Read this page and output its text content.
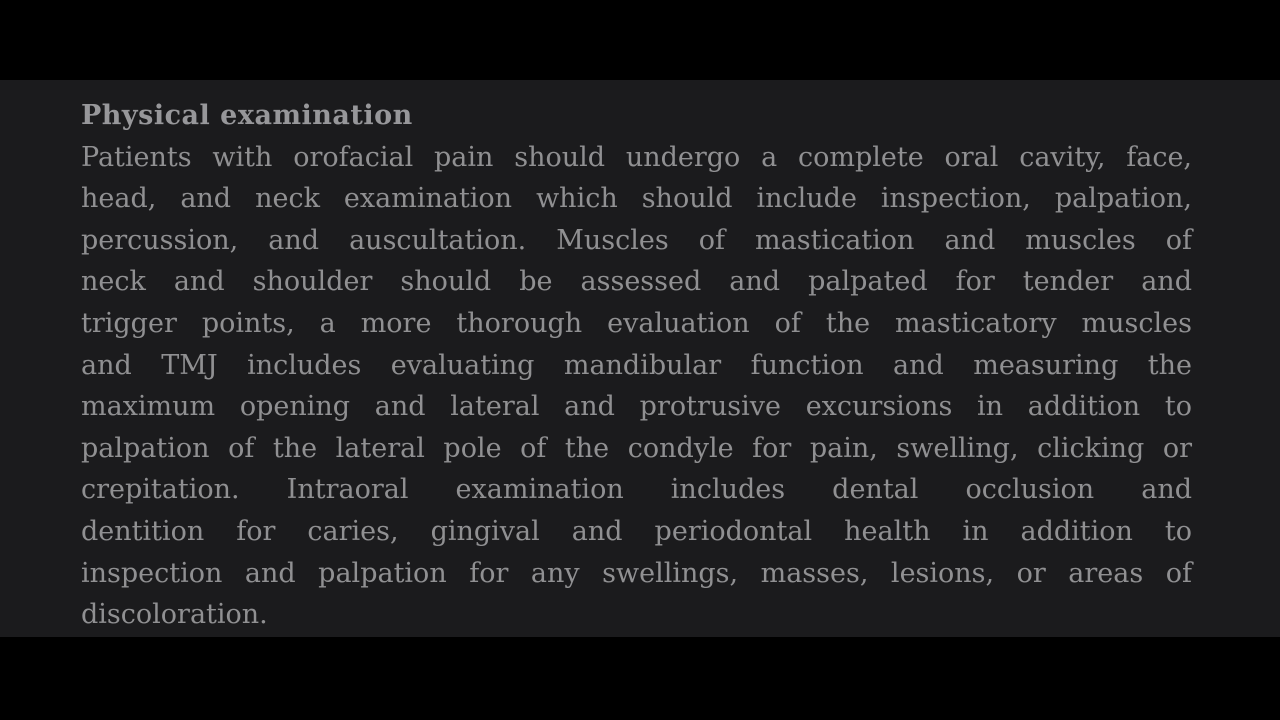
Physical examination
Patients with orofacial pain should undergo a complete oral cavity, face,
head, and neck examination which should include inspection, palpation,
percussion, and auscultation. Muscles of mastication and muscles of
neck and shoulder should be assessed and palpated for tender and
trigger points, a more thorough evaluation of the masticatory muscles
and TMJ includes evaluating mandibular function and measuring the
maximum opening and lateral and protrusive excursions in addition to
palpation of the lateral pole of the condyle for pain, swelling, clicking or
crepitation. Intraoral examination includes dental occlusion and
dentition for caries, gingival and periodontal health in addition to
inspection and palpation for any swellings, masses, lesions, or areas of
discoloration.
